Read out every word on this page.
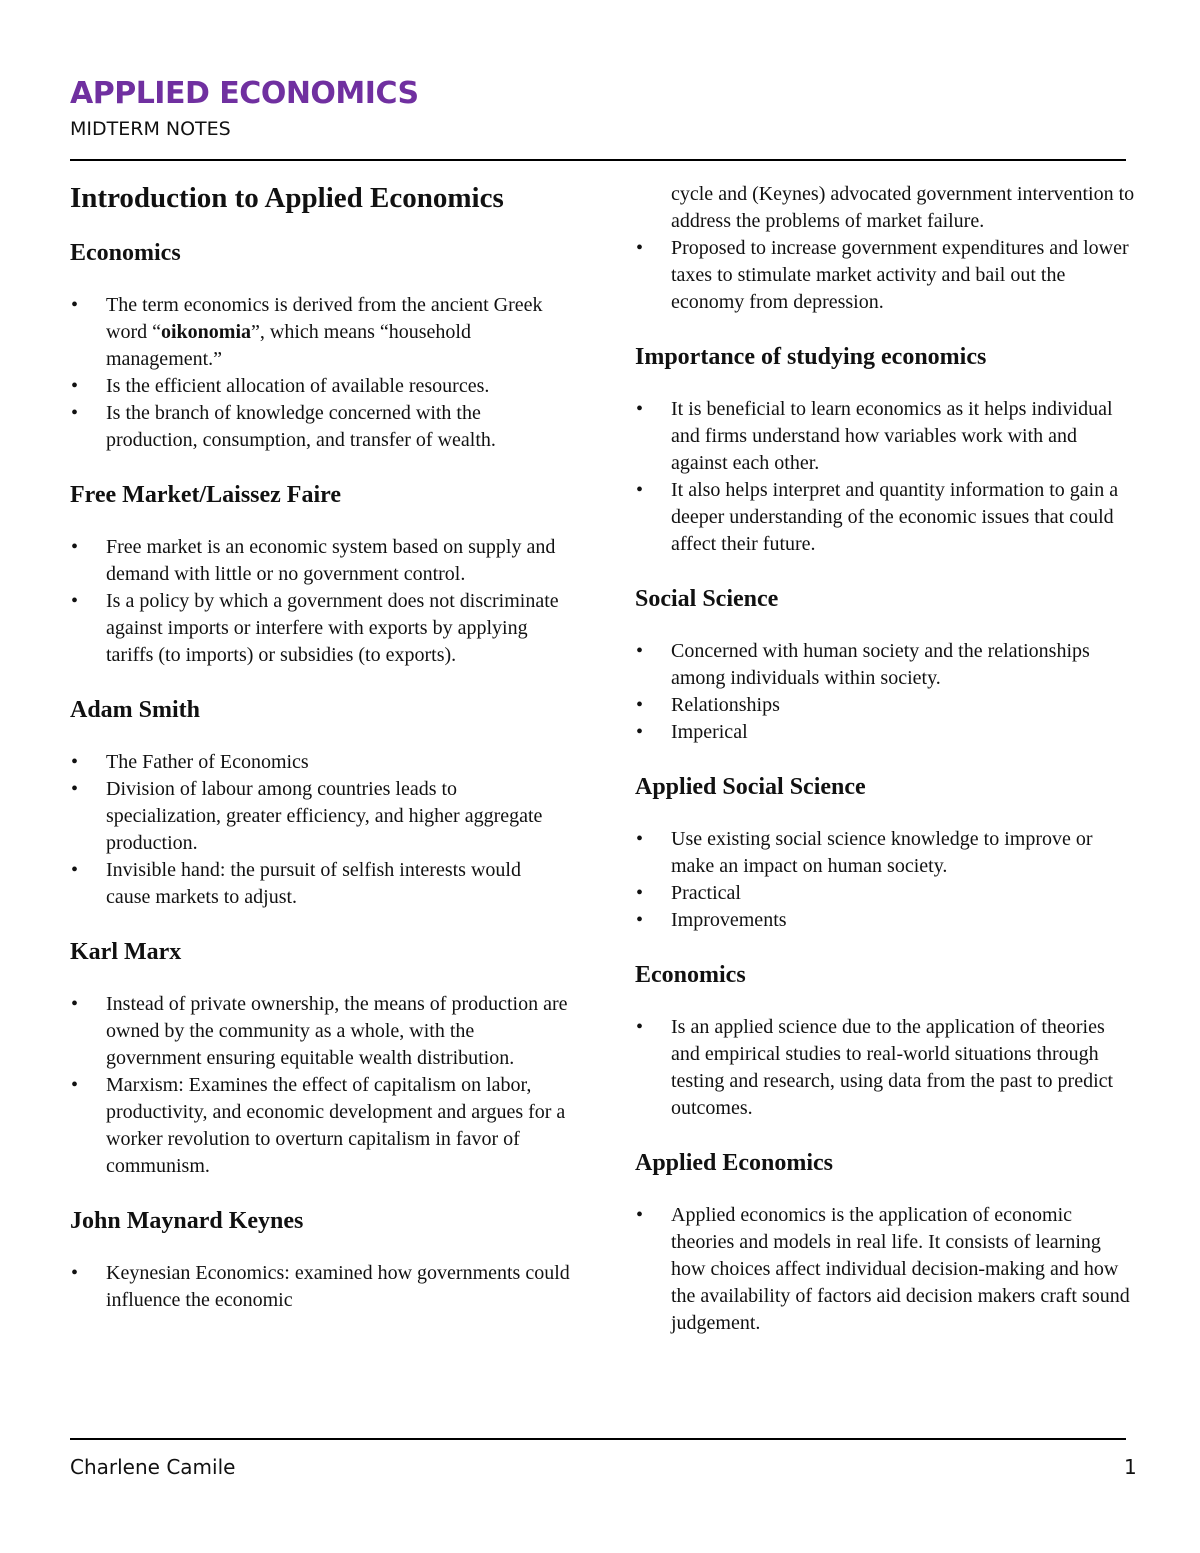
APPLIED ECONOMICS
MIDTERM NOTES
Introduction to Applied Economics
Economics
• The term economics is derived from the ancient Greek word “oikonomia”, which means “household management.”
• Is the efficient allocation of available resources.
• Is the branch of knowledge concerned with the production, consumption, and transfer of wealth.
Free Market/Laissez Faire
• Free market is an economic system based on supply and demand with little or no government control.
• Is a policy by which a government does not discriminate against imports or interfere with exports by applying tariffs (to imports) or subsidies (to exports).
Adam Smith
• The Father of Economics
• Division of labour among countries leads to specialization, greater efficiency, and higher aggregate production.
• Invisible hand: the pursuit of selfish interests would cause markets to adjust.
Karl Marx
• Instead of private ownership, the means of production are owned by the community as a whole, with the government ensuring equitable wealth distribution.
• Marxism: Examines the effect of capitalism on labor, productivity, and economic development and argues for a worker revolution to overturn capitalism in favor of communism.
John Maynard Keynes
• Keynesian Economics: examined how governments could influence the economic
cycle and (Keynes) advocated government intervention to address the problems of market failure.
• Proposed to increase government expenditures and lower taxes to stimulate market activity and bail out the economy from depression.
Importance of studying economics
• It is beneficial to learn economics as it helps individual and firms understand how variables work with and against each other.
• It also helps interpret and quantity information to gain a deeper understanding of the economic issues that could affect their future.
Social Science
• Concerned with human society and the relationships among individuals within society.
• Relationships
• Imperical
Applied Social Science
• Use existing social science knowledge to improve or make an impact on human society.
• Practical
• Improvements
Economics
• Is an applied science due to the application of theories and empirical studies to real-world situations through testing and research, using data from the past to predict outcomes.
Applied Economics
• Applied economics is the application of economic theories and models in real life. It consists of learning how choices affect individual decision-making and how the availability of factors aid decision makers craft sound judgement.
Charlene Camile	1
